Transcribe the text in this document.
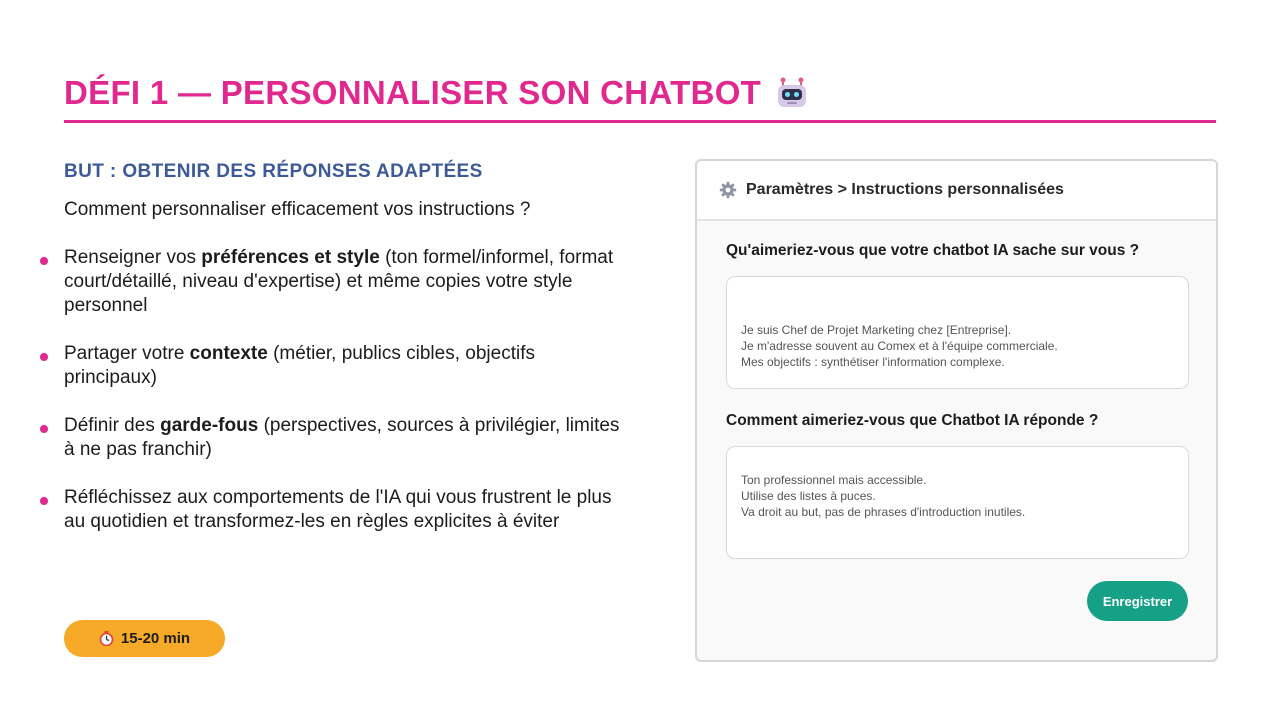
DÉFI 1 — PERSONNALISER SON CHATBOT
BUT : OBTENIR DES RÉPONSES ADAPTÉES
Comment personnaliser efficacement vos instructions ?
Renseigner vos préférences et style (ton formel/informel, format court/détaillé, niveau d'expertise) et même copies votre style personnel
Partager votre contexte (métier, publics cibles, objectifs principaux)
Définir des garde-fous (perspectives, sources à privilégier, limites à ne pas franchir)
Réfléchissez aux comportements de l'IA qui vous frustrent le plus au quotidien et transformez-les en règles explicites à éviter
15-20 min
Paramètres > Instructions personnalisées
Qu'aimeriez-vous que votre chatbot IA sache sur vous ?
Je suis Chef de Projet Marketing chez [Entreprise].
Je m'adresse souvent au Comex et à l'équipe commerciale.
Mes objectifs : synthétiser l'information complexe.
Comment aimeriez-vous que Chatbot IA réponde ?
Ton professionnel mais accessible.
Utilise des listes à puces.
Va droit au but, pas de phrases d'introduction inutiles.
Enregistrer
